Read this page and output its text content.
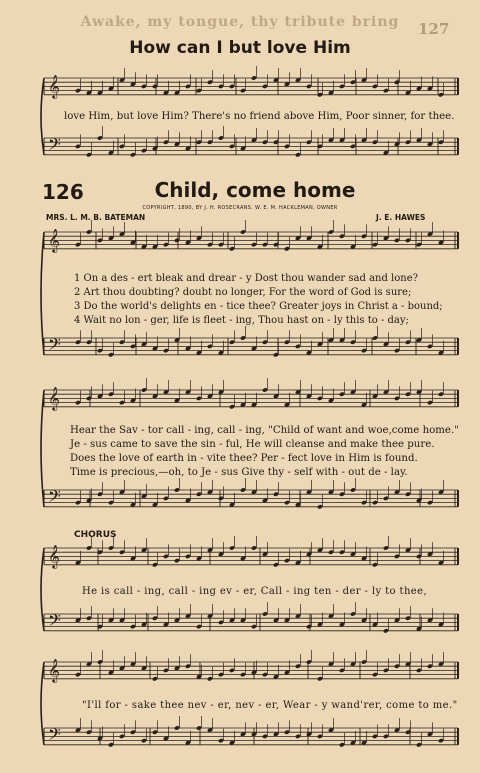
Awake, my tongue, thy tribute bring	127
How can I but love Him
𝄞
𝄢
𝄞
𝄢
𝄞
𝄢
𝄞
𝄢
𝄞
𝄢
love Him, but love Him? There's no friend above Him, Poor sinner, for thee.
126	Child, come home
COPYRIGHT, 1890, BY J. H. ROSECRANS. W. E. M. HACKLEMAN, OWNER
MRS. L. M. B. BATEMAN	J. E. HAWES
1 On a des - ert bleak and drear - y Dost thou wander sad and lone?
2 Art thou doubting? doubt no longer, For the word of God is sure;
3 Do the world's delights en - tice thee? Greater joys in Christ a - bound;
4 Wait no lon - ger, life is fleet - ing, Thou hast on - ly this to - day;
Hear the Sav - tor call - ing, call - ing, "Child of want and woe,come home."
Je - sus came to save the sin - ful, He will cleanse and make thee pure.
Does the love of earth in - vite thee? Per - fect love in Him is found.
Time is precious,—oh, to Je - sus Give thy - self with - out de - lay.
CHORUS
He is call - ing, call - ing ev - er, Call - ing ten - der - ly to thee,
"I'll for - sake thee nev - er, nev - er, Wear - y wand'rer, come to me."
